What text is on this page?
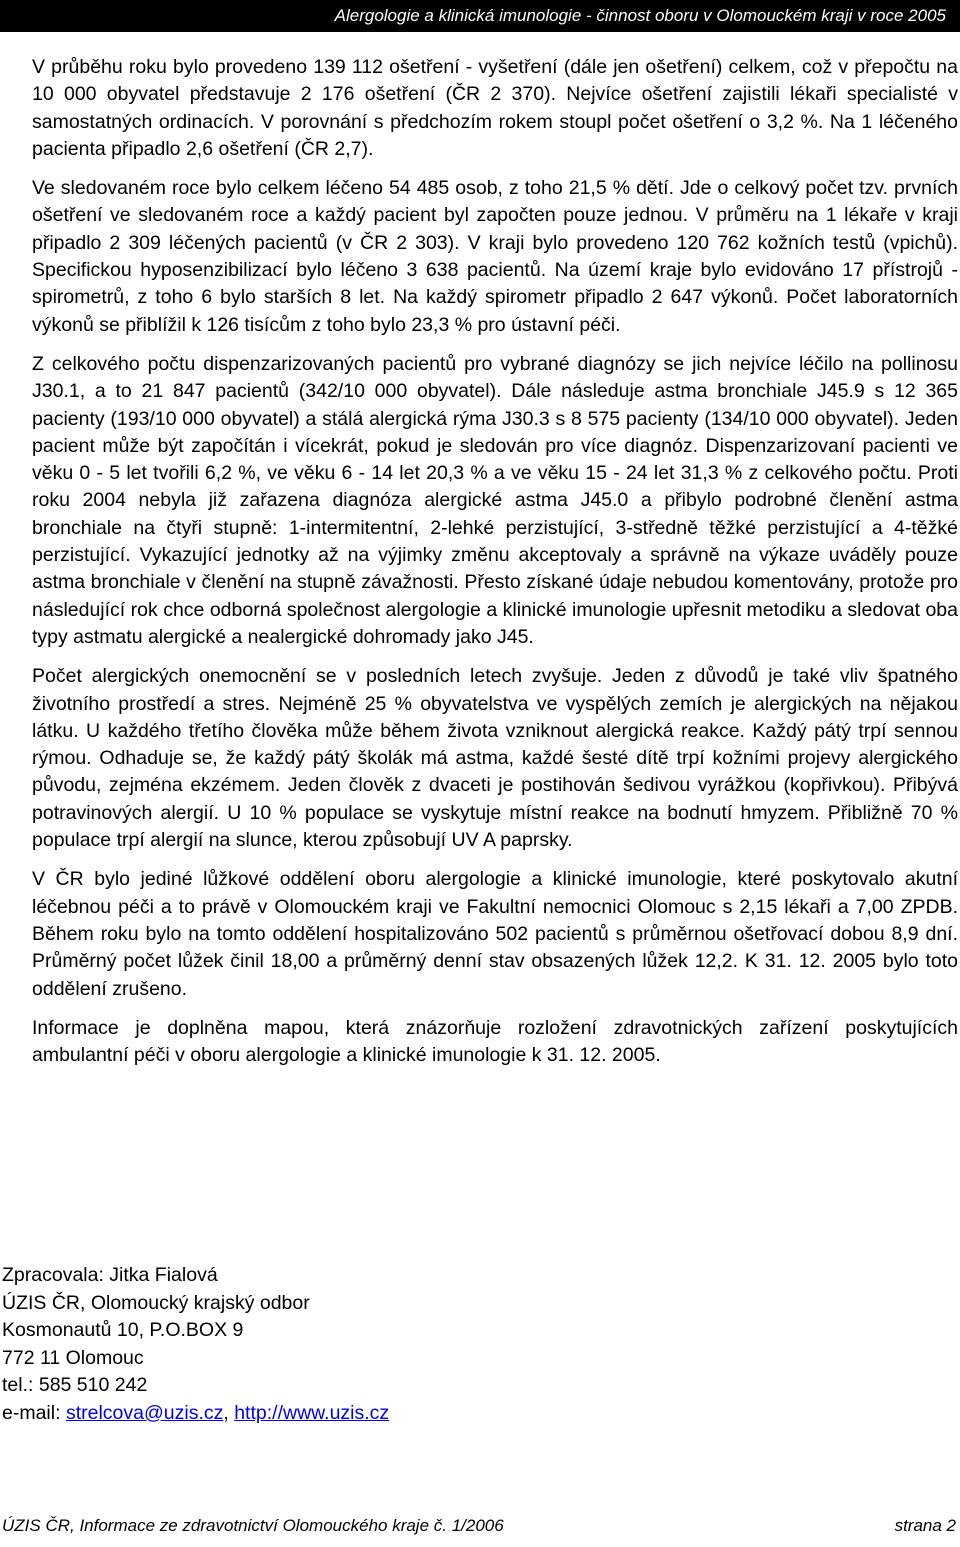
Alergologie a klinická imunologie - činnost oboru v Olomouckém kraji v roce 2005

V průběhu roku bylo provedeno 139 112 ošetření - vyšetření (dále jen ošetření) celkem, což v přepočtu na 10 000 obyvatel představuje 2 176 ošetření (ČR 2 370). Nejvíce ošetření zajistili lékaři specialisté v samostatných ordinacích. V porovnání s předchozím rokem stoupl počet ošetření o 3,2 %. Na 1 léčeného pacienta připadlo 2,6 ošetření (ČR 2,7).

Ve sledovaném roce bylo celkem léčeno 54 485 osob, z toho 21,5 % dětí. Jde o celkový počet tzv. prvních ošetření ve sledovaném roce a každý pacient byl započten pouze jednou. V průměru na 1 lékaře v kraji připadlo 2 309 léčených pacientů (v ČR 2 303). V kraji bylo provedeno 120 762 kožních testů (vpichů). Specifickou hyposenzibilizací bylo léčeno 3 638 pacientů. Na území kraje bylo evidováno 17 přístrojů - spirometrů, z toho 6 bylo starších 8 let. Na každý spirometr připadlo 2 647 výkonů. Počet laboratorních výkonů se přiblížil k 126 tisícům z toho bylo 23,3 % pro ústavní péči.

Z celkového počtu dispenzarizovaných pacientů pro vybrané diagnózy se jich nejvíce léčilo na pollinosu J30.1, a to 21 847 pacientů (342/10 000 obyvatel). Dále následuje astma bronchiale J45.9 s 12 365 pacienty (193/10 000 obyvatel) a stálá alergická rýma J30.3 s 8 575 pacienty (134/10 000 obyvatel). Jeden pacient může být započítán i vícekrát, pokud je sledován pro více diagnóz. Dispenzarizovaní pacienti ve věku 0 - 5 let tvořili 6,2 %, ve věku 6 - 14 let 20,3 % a ve věku 15 - 24 let 31,3 % z celkového počtu. Proti roku 2004 nebyla již zařazena diagnóza alergické astma J45.0 a přibylo podrobné členění astma bronchiale na čtyři stupně: 1-intermitentní, 2-lehké perzistující, 3-středně těžké perzistující a 4-těžké perzistující. Vykazující jednotky až na výjimky změnu akceptovaly a správně na výkaze uváděly pouze astma bronchiale v členění na stupně závažnosti. Přesto získané údaje nebudou komentovány, protože pro následující rok chce odborná společnost alergologie a klinické imunologie upřesnit metodiku a sledovat oba typy astmatu alergické a nealergické dohromady jako J45.

Počet alergických onemocnění se v posledních letech zvyšuje. Jeden z důvodů je také vliv špatného životního prostředí a stres. Nejméně 25 % obyvatelstva ve vyspělých zemích je alergických na nějakou látku. U každého třetího člověka může během života vzniknout alergická reakce. Každý pátý trpí sennou rýmou. Odhaduje se, že každý pátý školák má astma, každé šesté dítě trpí kožními projevy alergického původu, zejména ekzémem. Jeden člověk z dvaceti je postihován šedivou vyrážkou (kopřivkou). Přibývá potravinových alergií. U 10 % populace se vyskytuje místní reakce na bodnutí hmyzem. Přibližně 70 % populace trpí alergií na slunce, kterou způsobují UV A paprsky.

V ČR bylo jediné lůžkové oddělení oboru alergologie a klinické imunologie, které poskytovalo akutní léčebnou péči a to právě v Olomouckém kraji ve Fakultní nemocnici Olomouc s 2,15 lékaři a 7,00 ZPDB. Během roku bylo na tomto oddělení hospitalizováno 502 pacientů s průměrnou ošetřovací dobou 8,9 dní. Průměrný počet lůžek činil 18,00 a průměrný denní stav obsazených lůžek 12,2. K 31. 12. 2005 bylo toto oddělení zrušeno.

Informace je doplněna mapou, která znázorňuje rozložení zdravotnických zařízení poskytujících ambulantní péči v oboru alergologie a klinické imunologie k 31. 12. 2005.

Zpracovala: Jitka Fialová
ÚZIS ČR, Olomoucký krajský odbor
Kosmonautů 10, P.O.BOX 9
772 11 Olomouc
tel.: 585 510 242
e-mail: strelcova@uzis.cz, http://www.uzis.cz
ÚZIS ČR, Informace ze zdravotnictví Olomouckého kraje č. 1/2006	strana 2
